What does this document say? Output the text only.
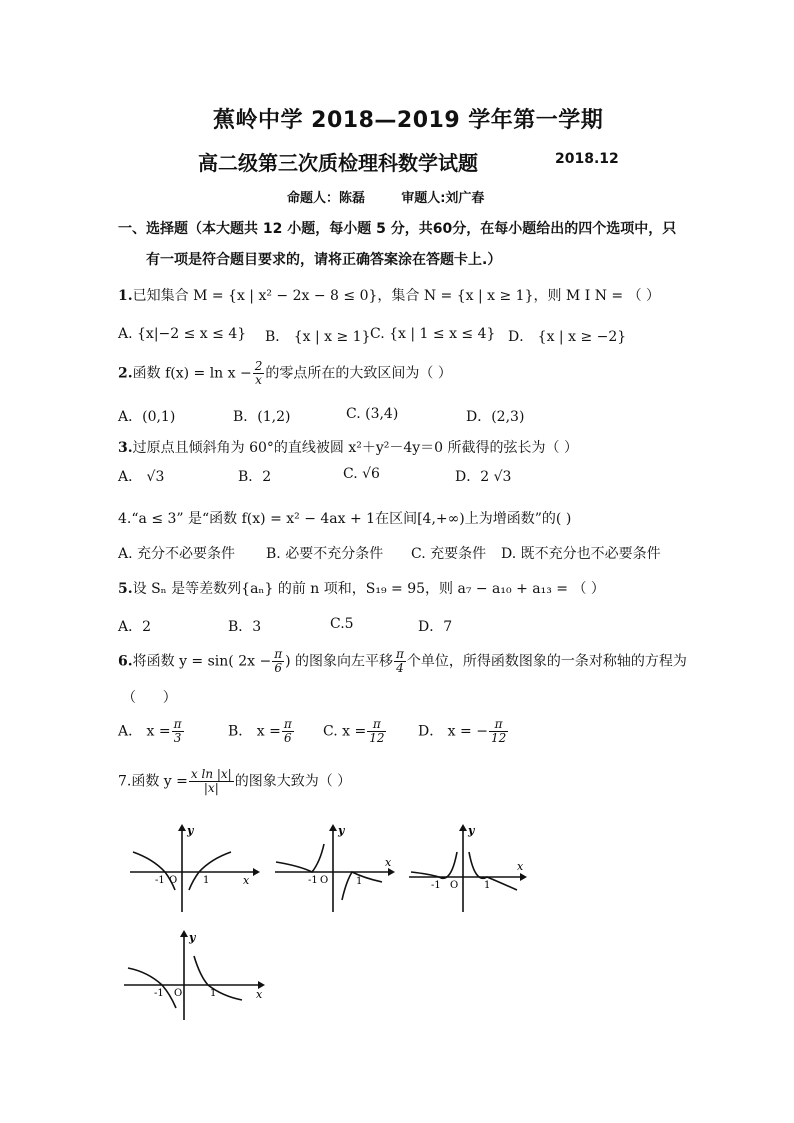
蕉岭中学 2018—2019 学年第一学期
高二级第三次质检理科数学试题	2018.12
命题人：陈磊        审题人:刘广春
一、选择题（本大题共 12 小题，每小题 5 分，共60分，在每小题给出的四个选项中，只
有一项是符合题目要求的，请将正确答案涂在答题卡上.）
1.已知集合 M = {x | x² − 2x − 8 ≤ 0}，集合 N = {x | x ≥ 1}，则 M I N = （ ）
A. {x|−2 ≤ x ≤ 4} B． {x | x ≥ 1} C. {x | 1 ≤ x ≤ 4} D． {x | x ≥ −2}
2.函数 $f(x) = \ln x - \frac{2}{x}$ 的零点所在的大致区间为（ ）
A．(0,1)	B．(1,2)	C. (3,4)	D．(2,3)
3.过原点且倾斜角为 60°的直线被圆 x²＋y²－4y＝0 所截得的弦长为（ ）
A． √3	B．2	C. √6	D．2 √3
4.“a ≤ 3” 是“函数 f(x) = x² − 4ax + 1在区间[4,+∞)上为增函数”的( )
A. 充分不必要条件 B. 必要不充分条件 C. 充要条件 D. 既不充分也不必要条件
5.设 Sₙ 是等差数列{aₙ} 的前 n 项和，S₁₉ = 95，则 a₇ − a₁₀ + a₁₃ = （ ）
A．2	B．3	C.5	D．7
6.将函数 y = sin( $2x - \frac{\pi}{6}$ ) 的图象向左平移 $\frac{\pi}{4}$ 个单位，所得函数图象的一条对称轴的方程为
（      ）
A． $x = \frac{\pi}{3}$	B． $x = \frac{\pi}{6} C$. $x = \frac{\pi}{12}$ D． x = − $\frac{\pi}{12}$
7.函数 $y = \frac{\text{x ln |x|}}{|x|}$ 的图象大致为（ ）
y
-1 O	1	x
y
-1 O	1
x
y
-1 O	1
x
y
-1 O	1	x
